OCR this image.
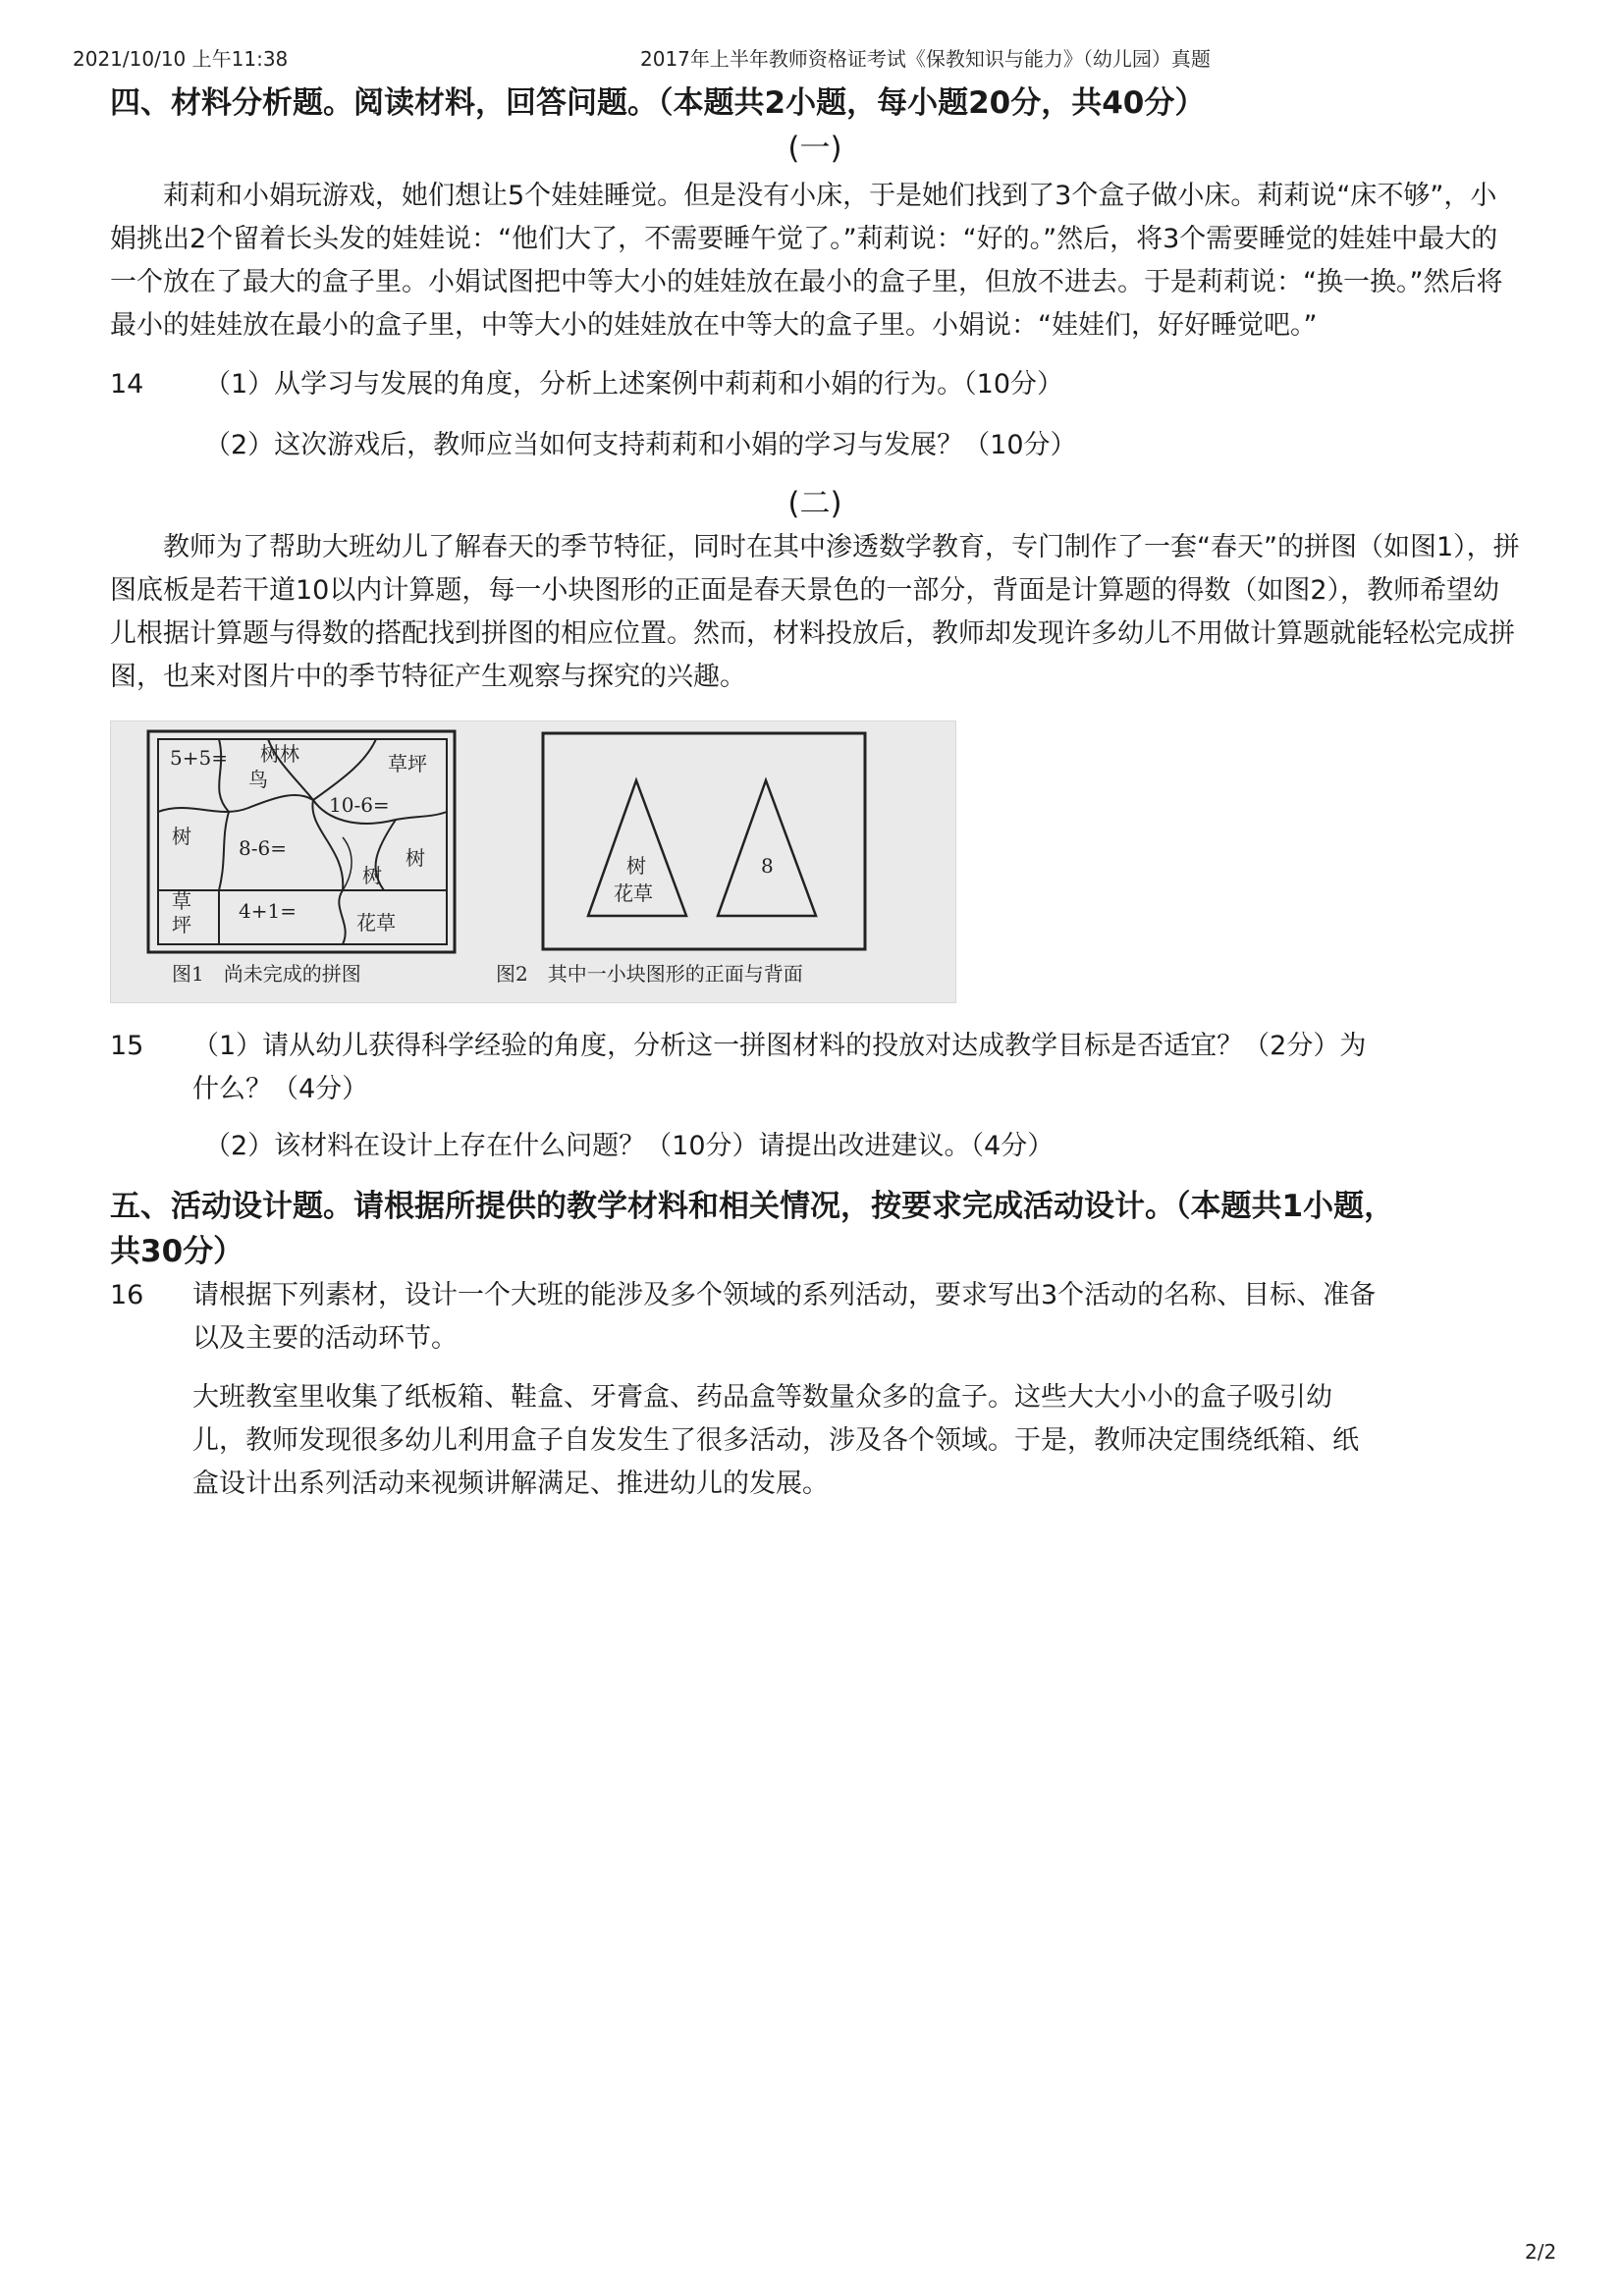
2021/10/10 上午11:38	2017年上半年教师资格证考试《保教知识与能力》（幼儿园）真题
四、材料分析题。阅读材料，回答问题。（本题共2小题，每小题20分，共40分）
(一)

莉莉和小娟玩游戏，她们想让5个娃娃睡觉。但是没有小床，于是她们找到了3个盒子做小床。莉莉说“床不够”，小娟挑出2个留着长头发的娃娃说：“他们大了，不需要睡午觉了。”莉莉说：“好的。”然后，将3个需要睡觉的娃娃中最大的一个放在了最大的盒子里。小娟试图把中等大小的娃娃放在最小的盒子里，但放不进去。于是莉莉说：“换一换。”然后将最小的娃娃放在最小的盒子里，中等大小的娃娃放在中等大的盒子里。小娟说：“娃娃们，好好睡觉吧。”

14 （1）从学习与发展的角度，分析上述案例中莉莉和小娟的行为。（10分）

（2）这次游戏后，教师应当如何支持莉莉和小娟的学习与发展？（10分）

(二)

教师为了帮助大班幼儿了解春天的季节特征，同时在其中渗透数学教育，专门制作了一套“春天”的拼图（如图1），拼图底板是若干道10以内计算题，每一小块图形的正面是春天景色的一部分，背面是计算题的得数（如图2），教师希望幼儿根据计算题与得数的搭配找到拼图的相应位置。然而，材料投放后，教师却发现许多幼儿不用做计算题就能轻松完成拼图，也来对图片中的季节特征产生观察与探究的兴趣。

5+5= 树林
鸟
草坪
10-6=
树 8-6=	树
草
坪
4+1=
树
花草
图1　尚未完成的拼图
树
花草
8
图2　其中一小块图形的正面与背面
15 （1）请从幼儿获得科学经验的角度，分析这一拼图材料的投放对达成教学目标是否适宜？（2分）为

什么？（4分）

（2）该材料在设计上存在什么问题？（10分）请提出改进建议。（4分）

五、活动设计题。请根据所提供的教学材料和相关情况，按要求完成活动设计。（本题共1小题，
共30分）
16 请根据下列素材，设计一个大班的能涉及多个领域的系列活动，要求写出3个活动的名称、目标、准备

以及主要的活动环节。

大班教室里收集了纸板箱、鞋盒、牙膏盒、药品盒等数量众多的盒子。这些大大小小的盒子吸引幼

儿，教师发现很多幼儿利用盒子自发发生了很多活动，涉及各个领域。于是，教师决定围绕纸箱、纸

盒设计出系列活动来视频讲解满足、推进幼儿的发展。

2/2
